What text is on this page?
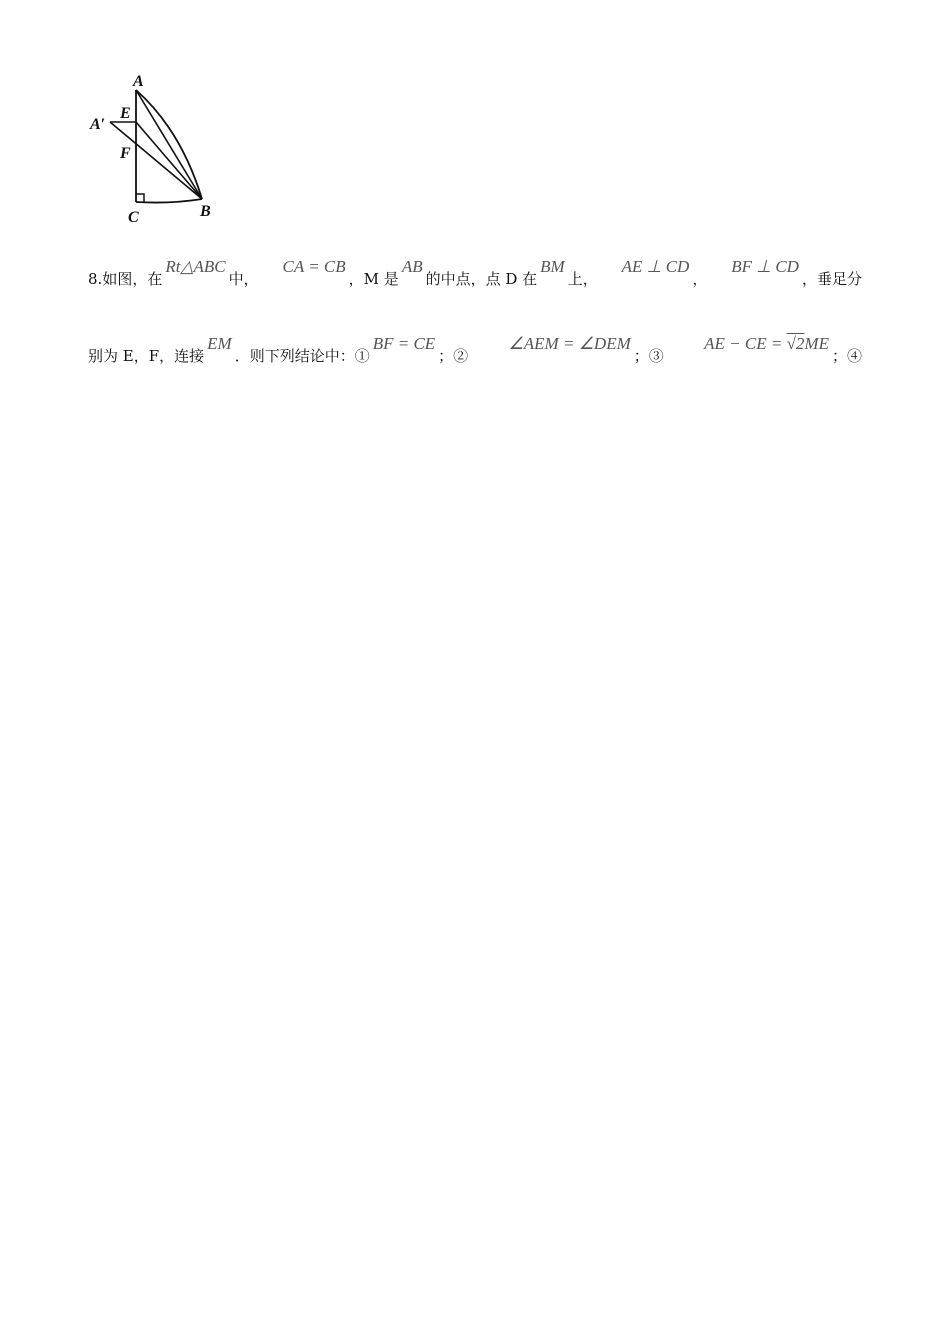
A
E
A′
F
C	B
8. 如图，在
Rt△ABC
中，
CA = CB
，M 是
AB
的中点，点 D 在
BM
上，
AE ⊥ CD
，
BF ⊥ CD
，垂足分
别为 E，F，连接
EM
．则下列结论中：①
BF = CE
；②
∠AEM = ∠DEM
；③
AE − CE = √2ME
；④
